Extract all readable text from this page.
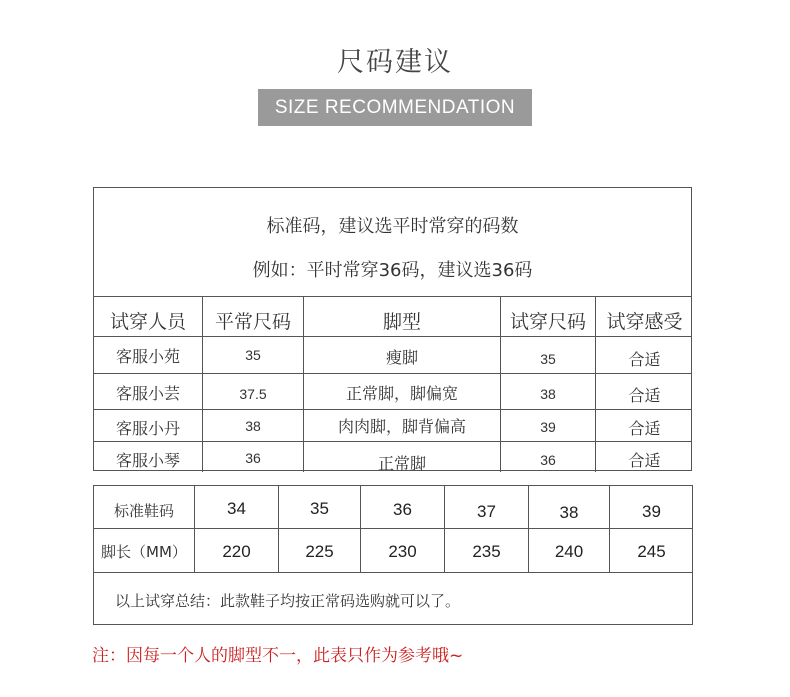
尺码建议
SIZE RECOMMENDATION
标准码，建议选平时常穿的码数
例如：平时常穿36码，建议选36码
试穿人员	平常尺码	脚型	试穿尺码	试穿感受
客服小苑	35	瘦脚	35	合适
客服小芸	37.5	正常脚，脚偏宽	38	合适
客服小丹	38	肉肉脚，脚背偏高	39	合适
客服小琴	36	正常脚	36	合适
标准鞋码	34	35	36	37	38	39
脚长（MM）	220	225	230	235	240	245
以上试穿总结：此款鞋子均按正常码选购就可以了。
注：因每一个人的脚型不一，此表只作为参考哦~
